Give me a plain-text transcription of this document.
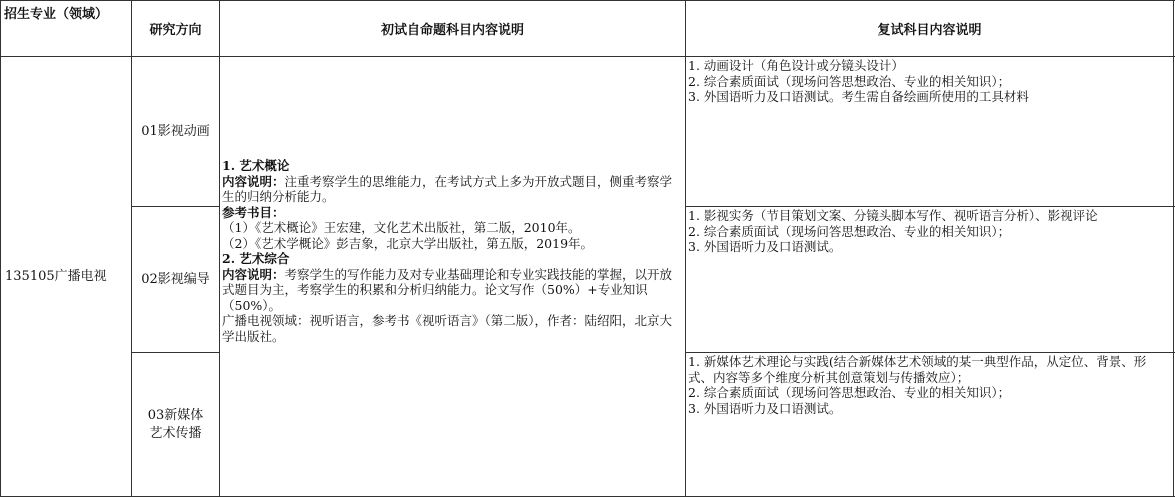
招生专业（领域）
研究方向	初试自命题科目内容说明	复试科目内容说明
135105广播电视
01影视动画
02影视编导
03新媒体艺术传播
1. 艺术概论
内容说明：注重考察学生的思维能力，在考试方式上多为开放式题目，侧重考察学生的归纳分析能力。
参考书目：
（1）《艺术概论》王宏建，文化艺术出版社，第二版，2010年。
（2）《艺术学概论》彭吉象，北京大学出版社，第五版，2019年。
2. 艺术综合
内容说明：考察学生的写作能力及对专业基础理论和专业实践技能的掌握，以开放式题目为主，考察学生的积累和分析归纳能力。论文写作（50%）+专业知识（50%）。
广播电视领域：视听语言，参考书《视听语言》（第二版），作者：陆绍阳，北京大学出版社。
1. 动画设计（角色设计或分镜头设计）
2. 综合素质面试（现场问答思想政治、专业的相关知识）；
3. 外国语听力及口语测试。考生需自备绘画所使用的工具材料
1. 影视实务（节目策划文案、分镜头脚本写作、视听语言分析）、影视评论
2. 综合素质面试（现场问答思想政治、专业的相关知识）；
3. 外国语听力及口语测试。
1. 新媒体艺术理论与实践(结合新媒体艺术领域的某一典型作品，从定位、背景、形式、内容等多个维度分析其创意策划与传播效应）；
2. 综合素质面试（现场问答思想政治、专业的相关知识）；
3. 外国语听力及口语测试。
